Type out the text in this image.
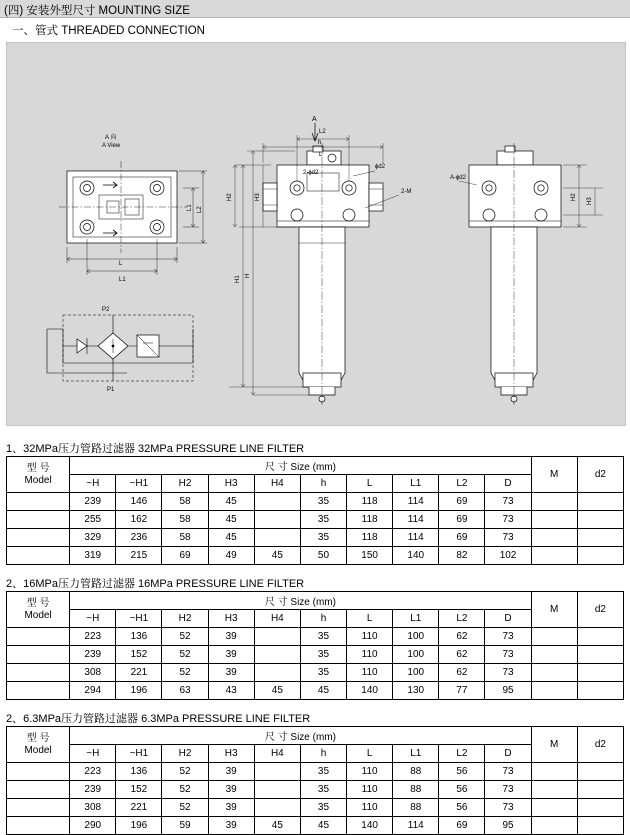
(四) 安装外型尺寸 MOUNTING SIZE
一、管式 THREADED CONNECTION
A 向
A View
A
2-ɸd2
ɸd2
2-M
A-ɸd2
P2
P1
H
H1
H2	H3
h
L2
L
H2
H3
L1 L2
L
L1
1、32MPa压力管路过滤器 32MPa PRESSURE LINE FILTER
型 号
Model	尺 寸 Size (mm)										M	d2
	~H	~H1	H2	H3	H4	h	L	L1	L2	D		
	239	146	58	45		35	118	114	69	73		
	255	162	58	45		35	118	114	69	73		
	329	236	58	45		35	118	114	69	73		
	319	215	69	49	45	50	150	140	82	102		
2、16MPa压力管路过滤器 16MPa PRESSURE LINE FILTER
型 号
Model	尺 寸 Size (mm)										M	d2
	~H	~H1	H2	H3	H4	h	L	L1	L2	D		
	223	136	52	39		35	110	100	62	73		
	239	152	52	39		35	110	100	62	73		
	308	221	52	39		35	110	100	62	73		
	294	196	63	43	45	45	140	130	77	95		
2、6.3MPa压力管路过滤器 6.3MPa PRESSURE LINE FILTER
型 号
Model	尺 寸 Size (mm)										M	d2
	~H	~H1	H2	H3	H4	h	L	L1	L2	D		
	223	136	52	39		35	110	88	56	73		
	239	152	52	39		35	110	88	56	73		
	308	221	52	39		35	110	88	56	73		
	290	196	59	39	45	45	140	114	69	95		
